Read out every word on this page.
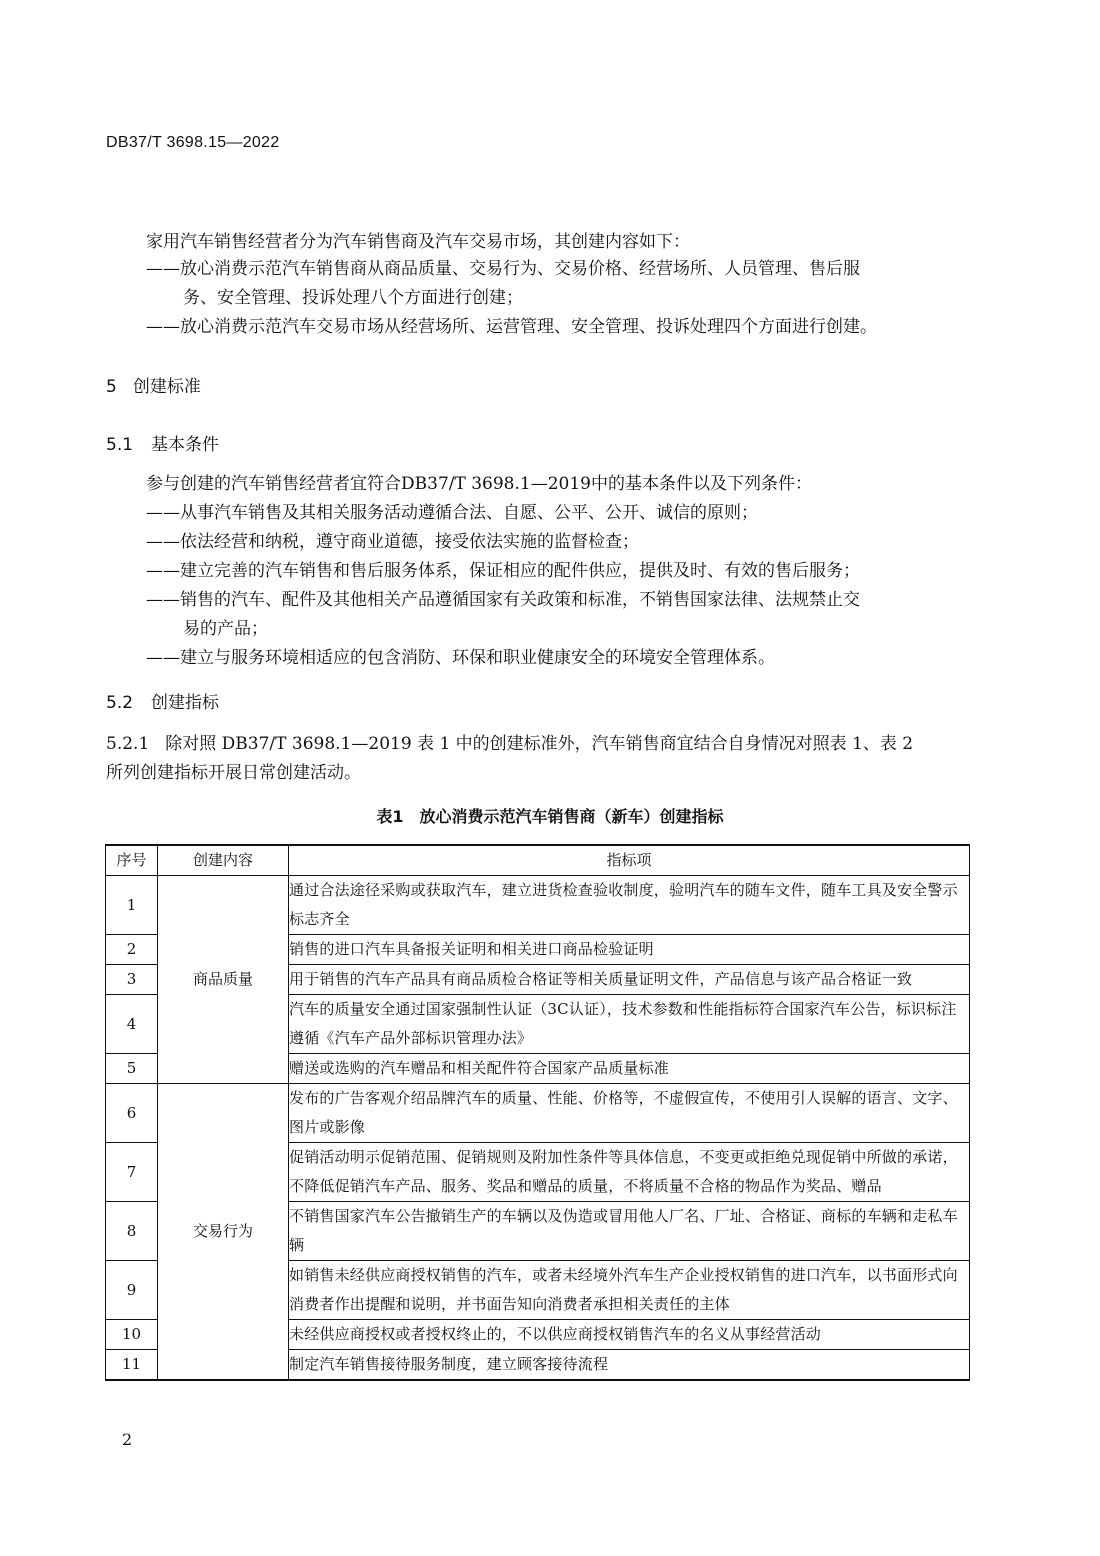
DB37/T 3698.15—2022
家用汽车销售经营者分为汽车销售商及汽车交易市场，其创建内容如下：
——放心消费示范汽车销售商从商品质量、交易行为、交易价格、经营场所、人员管理、售后服
务、安全管理、投诉处理八个方面进行创建；
——放心消费示范汽车交易市场从经营场所、运营管理、安全管理、投诉处理四个方面进行创建。
5 创建标准
5.1 基本条件
参与创建的汽车销售经营者宜符合DB37/T 3698.1—2019中的基本条件以及下列条件：
——从事汽车销售及其相关服务活动遵循合法、自愿、公平、公开、诚信的原则；
——依法经营和纳税，遵守商业道德，接受依法实施的监督检查；
——建立完善的汽车销售和售后服务体系，保证相应的配件供应，提供及时、有效的售后服务；
——销售的汽车、配件及其他相关产品遵循国家有关政策和标准，不销售国家法律、法规禁止交
易的产品；
——建立与服务环境相适应的包含消防、环保和职业健康安全的环境安全管理体系。
5.2 创建指标
5.2.1 除对照 DB37/T 3698.1—2019 表 1 中的创建标准外，汽车销售商宜结合自身情况对照表 1、表 2
所列创建指标开展日常创建活动。
表1　放心消费示范汽车销售商（新车）创建指标
序号	创建内容	指标项
1	商品质量	通过合法途径采购或获取汽车，建立进货检查验收制度，验明汽车的随车文件，随车工具及安全警示标志齐全
2		销售的进口汽车具备报关证明和相关进口商品检验证明
3		用于销售的汽车产品具有商品质检合格证等相关质量证明文件，产品信息与该产品合格证一致
4		汽车的质量安全通过国家强制性认证（3C认证），技术参数和性能指标符合国家汽车公告，标识标注遵循《汽车产品外部标识管理办法》
5		赠送或选购的汽车赠品和相关配件符合国家产品质量标准
6	交易行为	发布的广告客观介绍品牌汽车的质量、性能、价格等，不虚假宣传，不使用引人误解的语言、文字、图片或影像
7		促销活动明示促销范围、促销规则及附加性条件等具体信息，不变更或拒绝兑现促销中所做的承诺，不降低促销汽车产品、服务、奖品和赠品的质量，不将质量不合格的物品作为奖品、赠品
8		不销售国家汽车公告撤销生产的车辆以及伪造或冒用他人厂名、厂址、合格证、商标的车辆和走私车辆
9		如销售未经供应商授权销售的汽车，或者未经境外汽车生产企业授权销售的进口汽车，以书面形式向消费者作出提醒和说明，并书面告知向消费者承担相关责任的主体
10		未经供应商授权或者授权终止的，不以供应商授权销售汽车的名义从事经营活动
11		制定汽车销售接待服务制度，建立顾客接待流程
2
